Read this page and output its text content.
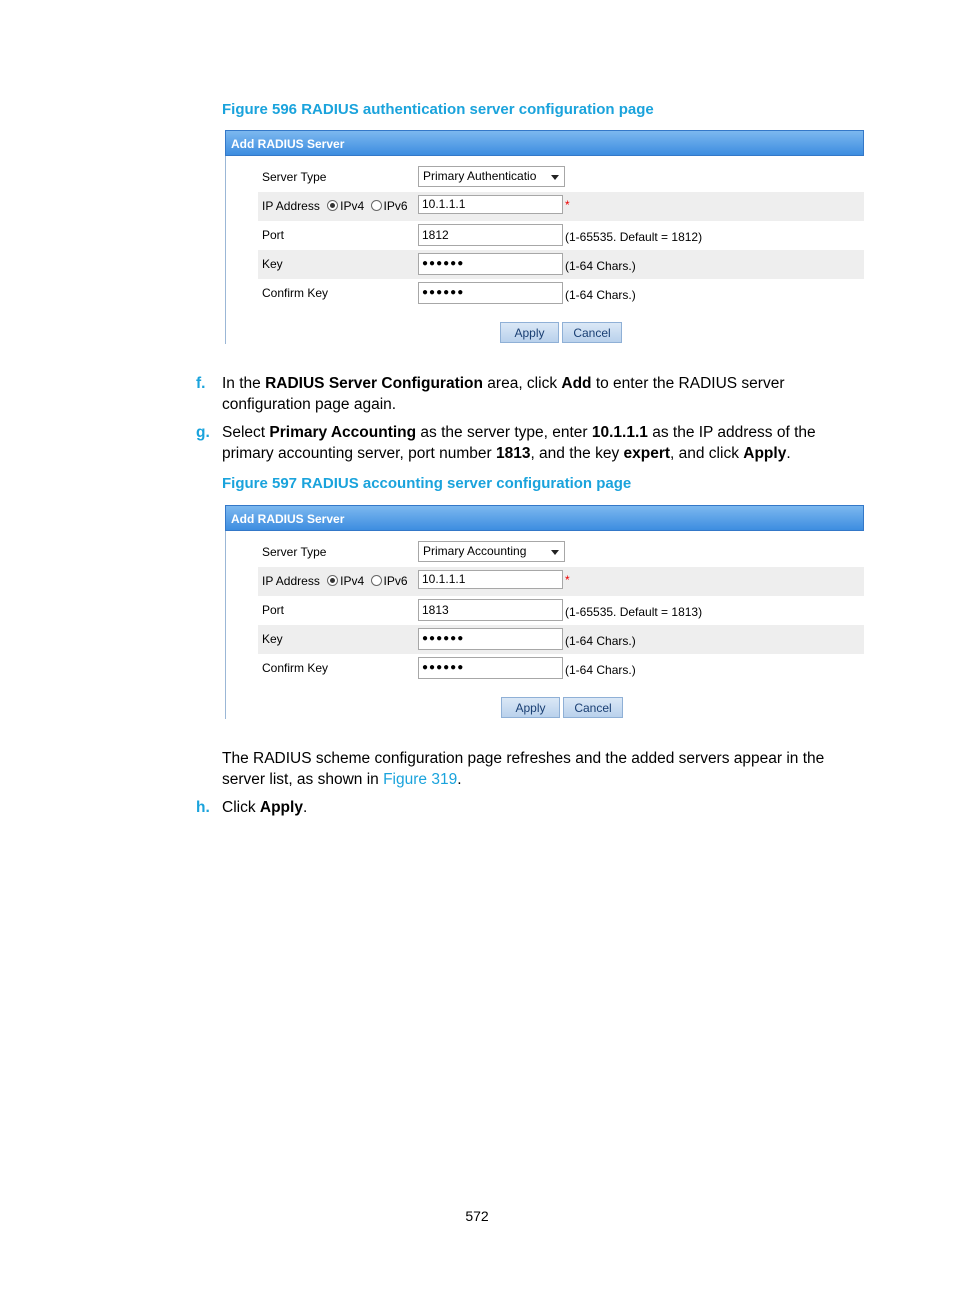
Figure 596 RADIUS authentication server configuration page
Add RADIUS Server
Server Type	Primary Authenticatio
IP Address IPv4 IPv6	10.1.1.1	*
Port	1812	(1-65535. Default = 1812)
Key	●●●●●●	(1-64 Chars.)
Confirm Key	●●●●●●	(1-64 Chars.)
Apply	Cancel
f. In the RADIUS Server Configuration area, click Add to enter the RADIUS server configuration page again.
g. Select Primary Accounting as the server type, enter 10.1.1.1 as the IP address of the primary accounting server, port number 1813, and the key expert, and click Apply.
Figure 597 RADIUS accounting server configuration page
Add RADIUS Server
Server Type	Primary Accounting
IP Address IPv4 IPv6	10.1.1.1	*
Port	1813	(1-65535. Default = 1813)
Key	●●●●●●	(1-64 Chars.)
Confirm Key	●●●●●●	(1-64 Chars.)
Apply	Cancel
The RADIUS scheme configuration page refreshes and the added servers appear in the server list, as shown in Figure 319.
h. Click Apply.
572
